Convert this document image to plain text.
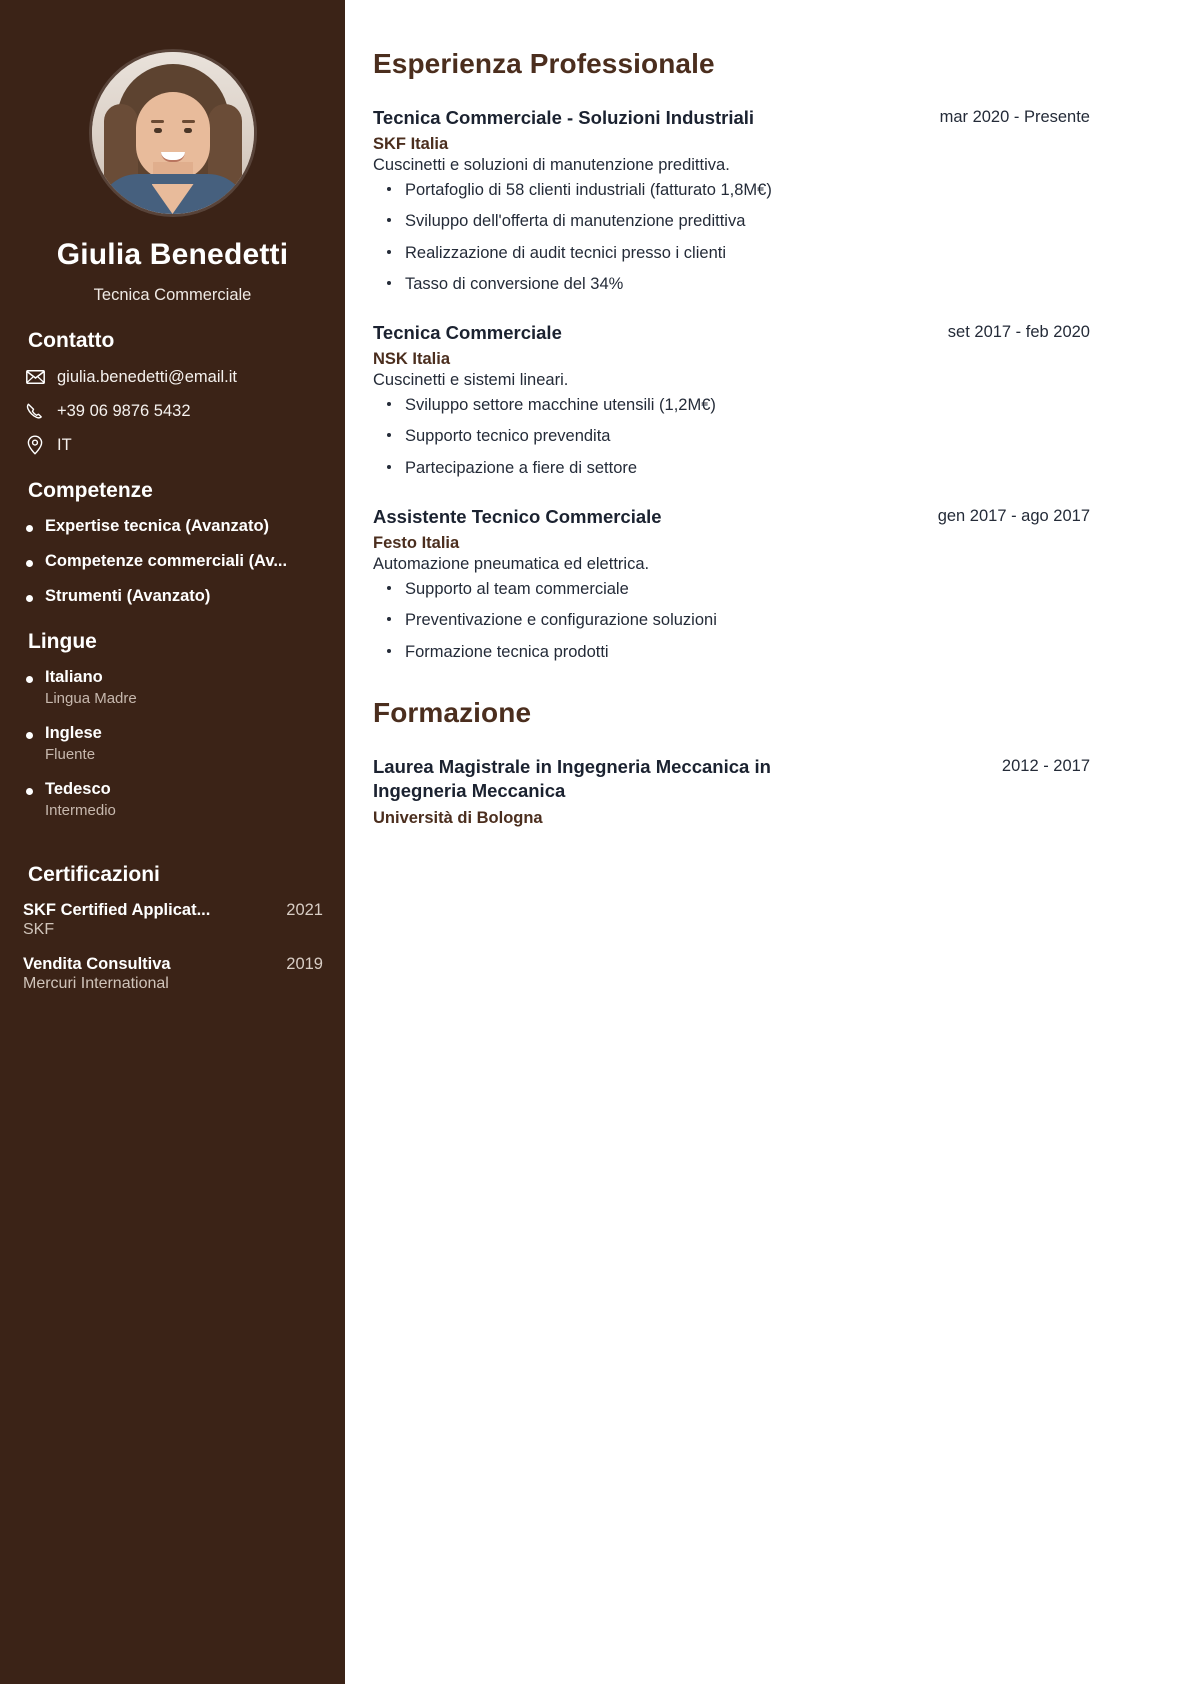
Giulia Benedetti
Tecnica Commerciale
Contatto
giulia.benedetti@email.it
+39 06 9876 5432
IT
Competenze
Expertise tecnica (Avanzato)
Competenze commerciali (Av...
Strumenti (Avanzato)
Lingue
Italiano
Lingua Madre
Inglese
Fluente
Tedesco
Intermedio
Certificazioni
SKF Certified Applicat...	2021
SKF
Vendita Consultiva	2019
Mercuri International
Esperienza Professionale
Tecnica Commerciale - Soluzioni Industriali	mar 2020 - Presente
SKF Italia
Cuscinetti e soluzioni di manutenzione predittiva.
Portafoglio di 58 clienti industriali (fatturato 1,8M€)
Sviluppo dell'offerta di manutenzione predittiva
Realizzazione di audit tecnici presso i clienti
Tasso di conversione del 34%
Tecnica Commerciale	set 2017 - feb 2020
NSK Italia
Cuscinetti e sistemi lineari.
Sviluppo settore macchine utensili (1,2M€)
Supporto tecnico prevendita
Partecipazione a fiere di settore
Assistente Tecnico Commerciale	gen 2017 - ago 2017
Festo Italia
Automazione pneumatica ed elettrica.
Supporto al team commerciale
Preventivazione e configurazione soluzioni
Formazione tecnica prodotti
Formazione
Laurea Magistrale in Ingegneria Meccanica in Ingegneria Meccanica
2012 - 2017
Università di Bologna
